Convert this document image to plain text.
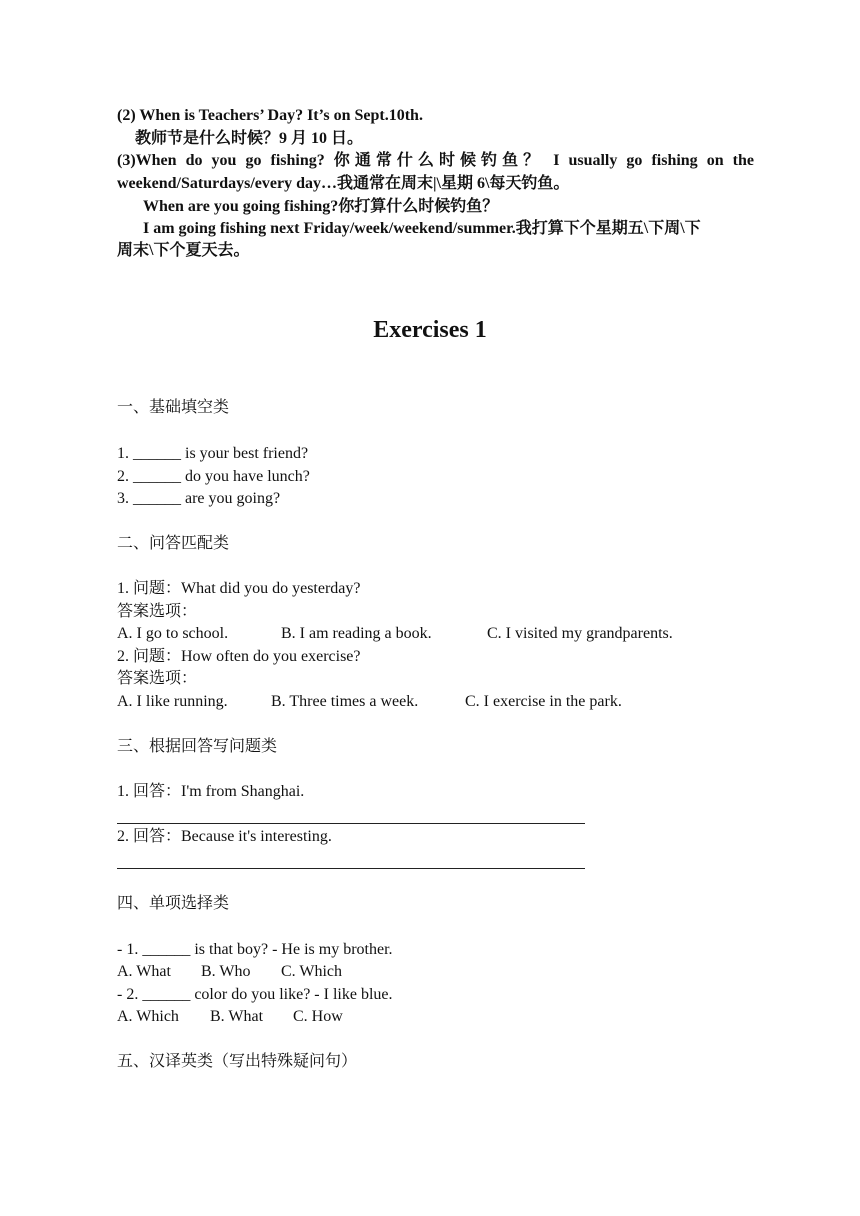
(2) When is Teachers’ Day? It’s on Sept.10th.
教师节是什么时候？9 月 10 日。
(3)When do you go fishing? 你通常什么时候钓鱼？ I usually go fishing on the
weekend/Saturdays/every day…我通常在周末|\星期 6\每天钓鱼。
When are you going fishing?你打算什么时候钓鱼？
I am going fishing next Friday/week/weekend/summer.我打算下个星期五\下周\下
周末\下个夏天去。
Exercises 1
一、基础填空类
1. ______ is your best friend?
2. ______ do you have lunch?
3. ______ are you going?
二、问答匹配类
1. 问题：What did you do yesterday?
答案选项：
A. I go to school.	B. I am reading a book.	C. I visited my grandparents.
2. 问题：How often do you exercise?
答案选项：
A. I like running.	B. Three times a week.	C. I exercise in the park.
三、根据回答写问题类
1. 回答：I'm from Shanghai.
2. 回答：Because it's interesting.
四、单项选择类
- 1. ______ is that boy? - He is my brother.
A. What B. Who C. Which
- 2. ______ color do you like? - I like blue.
A. Which B. What C. How
五、汉译英类（写出特殊疑问句）
